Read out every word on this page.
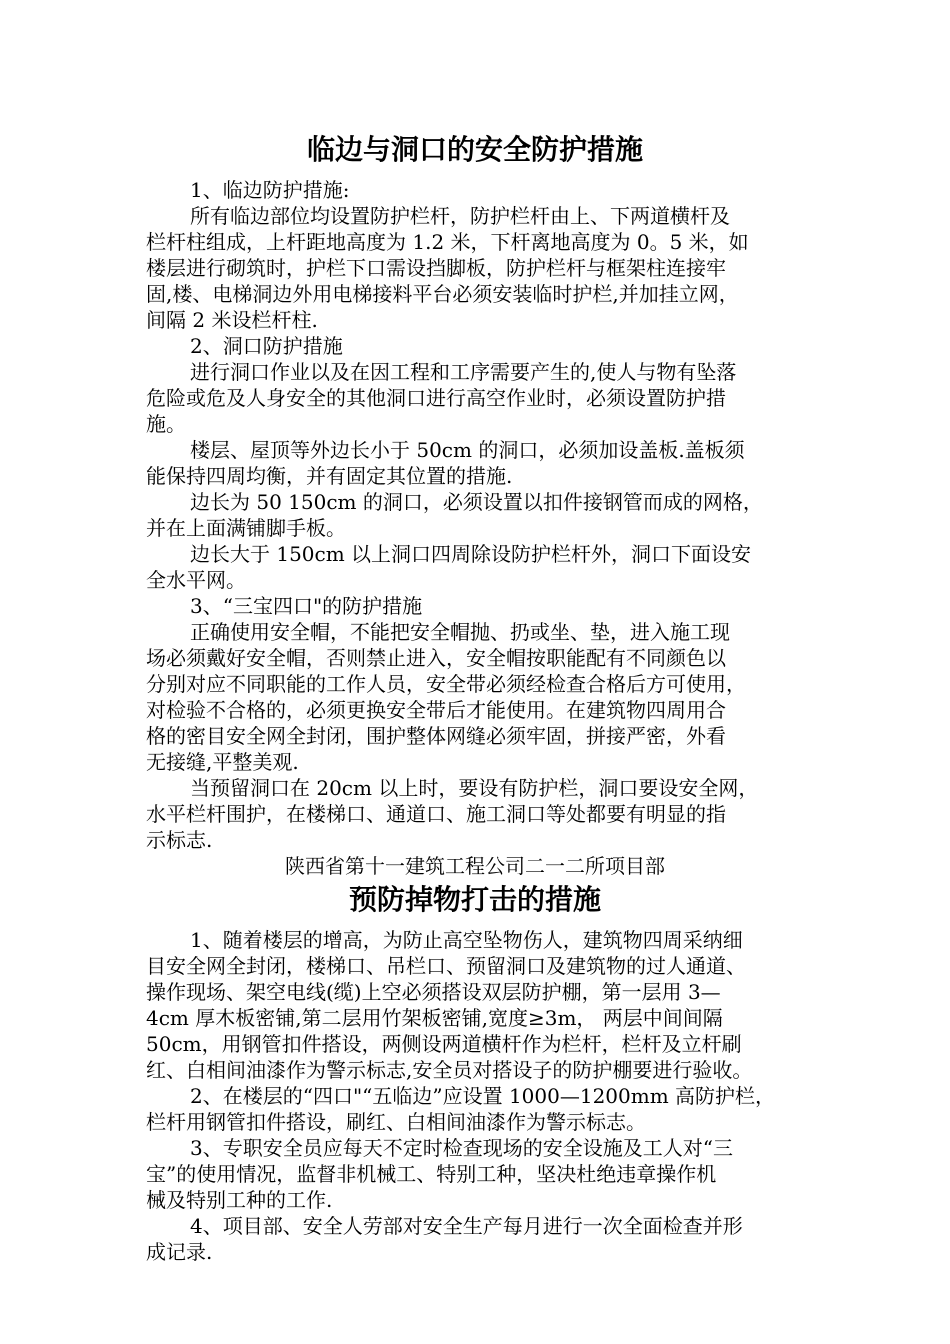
临边与洞口的安全防护措施

1、临边防护措施:

所有临边部位均设置防护栏杆，防护栏杆由上、下两道横杆及

栏杆柱组成，上杆距地高度为 1.2 米，下杆离地高度为 0。5 米，如

楼层进行砌筑时，护栏下口需设挡脚板，防护栏杆与框架柱连接牢

固,楼、电梯洞边外用电梯接料平台必须安装临时护栏,并加挂立网，

间隔 2 米设栏杆柱.

2、洞口防护措施

进行洞口作业以及在因工程和工序需要产生的,使人与物有坠落

危险或危及人身安全的其他洞口进行高空作业时，必须设置防护措

施。

楼层、屋顶等外边长小于 50cm 的洞口，必须加设盖板.盖板须

能保持四周均衡，并有固定其位置的措施.

边长为 50 150cm 的洞口，必须设置以扣件接钢管而成的网格，

并在上面满铺脚手板。

边长大于 150cm 以上洞口四周除设防护栏杆外，洞口下面设安

全水平网。

3、“三宝四口"的防护措施

正确使用安全帽，不能把安全帽抛、扔或坐、垫，进入施工现

场必须戴好安全帽，否则禁止进入，安全帽按职能配有不同颜色以

分别对应不同职能的工作人员，安全带必须经检查合格后方可使用，

对检验不合格的，必须更换安全带后才能使用。在建筑物四周用合

格的密目安全网全封闭，围护整体网缝必须牢固，拼接严密，外看

无接缝,平整美观.

当预留洞口在 20cm 以上时，要设有防护栏，洞口要设安全网，

水平栏杆围护，在楼梯口、通道口、施工洞口等处都要有明显的指

示标志.

陕西省第十一建筑工程公司二一二所项目部

预防掉物打击的措施

1、随着楼层的增高，为防止高空坠物伤人，建筑物四周采纳细

目安全网全封闭，楼梯口、吊栏口、预留洞口及建筑物的过人通道、

操作现场、架空电线(缆)上空必须搭设双层防护棚，第一层用 3—

4cm 厚木板密铺,第二层用竹架板密铺,宽度≥3m， 两层中间间隔

50cm，用钢管扣件搭设，两侧设两道横杆作为栏杆，栏杆及立杆刷

红、白相间油漆作为警示标志,安全员对搭设子的防护棚要进行验收。

2、在楼层的“四口"“五临边”应设置 1000—1200mm 高防护栏，

栏杆用钢管扣件搭设，刷红、白相间油漆作为警示标志。

3、专职安全员应每天不定时检查现场的安全设施及工人对“三

宝”的使用情况，监督非机械工、特别工种，坚决杜绝违章操作机

械及特别工种的工作.

4、项目部、安全人劳部对安全生产每月进行一次全面检查并形

成记录.
